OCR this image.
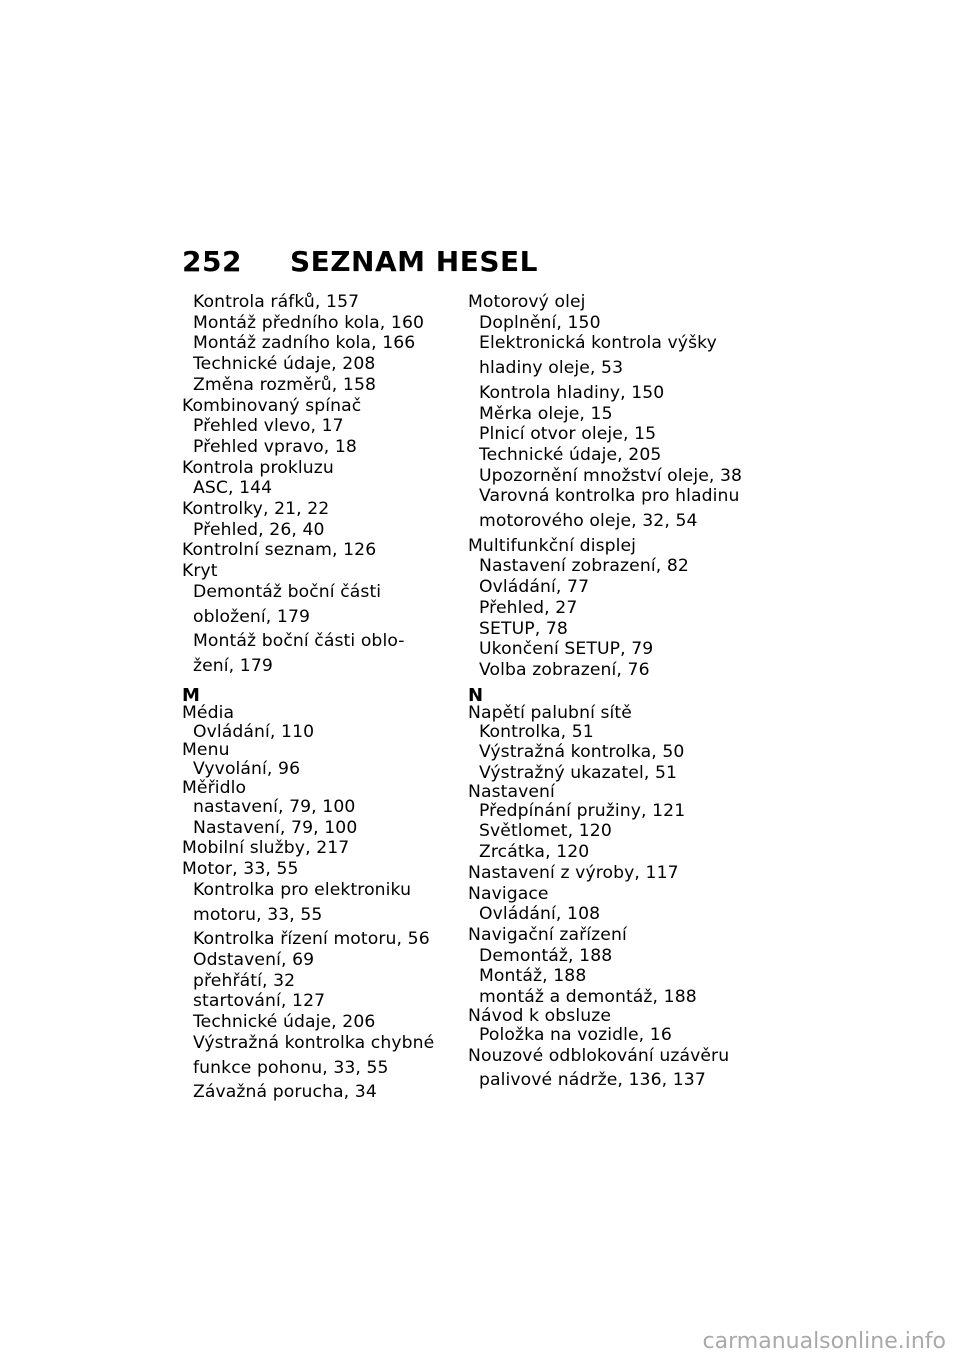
252 SEZNAM HESEL
Kontrola ráfků, 157
Montáž předního kola, 160
Montáž zadního kola, 166
Technické údaje, 208
Změna rozměrů, 158
Kombinovaný spínač
Přehled vlevo, 17
Přehled vpravo, 18
Kontrola prokluzu
ASC, 144
Kontrolky, 21, 22
Přehled, 26, 40
Kontrolní seznam, 126
Kryt
Demontáž boční části
obložení, 179
Montáž boční části oblo-
žení, 179
M
Média
Ovládání, 110
Menu
Vyvolání, 96
Měřidlo
nastavení, 79, 100
Nastavení, 79, 100
Mobilní služby, 217
Motor, 33, 55
Kontrolka pro elektroniku
motoru, 33, 55
Kontrolka řízení motoru, 56
Odstavení, 69
přehřátí, 32
startování, 127
Technické údaje, 206
Výstražná kontrolka chybné
funkce pohonu, 33, 55
Závažná porucha, 34
Motorový olej
Doplnění, 150
Elektronická kontrola výšky
hladiny oleje, 53
Kontrola hladiny, 150
Měrka oleje, 15
Plnicí otvor oleje, 15
Technické údaje, 205
Upozornění množství oleje, 38
Varovná kontrolka pro hladinu
motorového oleje, 32, 54
Multifunkční displej
Nastavení zobrazení, 82
Ovládání, 77
Přehled, 27
SETUP, 78
Ukončení SETUP, 79
Volba zobrazení, 76
N
Napětí palubní sítě
Kontrolka, 51
Výstražná kontrolka, 50
Výstražný ukazatel, 51
Nastavení
Předpínání pružiny, 121
Světlomet, 120
Zrcátka, 120
Nastavení z výroby, 117
Navigace
Ovládání, 108
Navigační zařízení
Demontáž, 188
Montáž, 188
montáž a demontáž, 188
Návod k obsluze
Položka na vozidle, 16
Nouzové odblokování uzávěru
palivové nádrže, 136, 137
carmanualsonline.info
